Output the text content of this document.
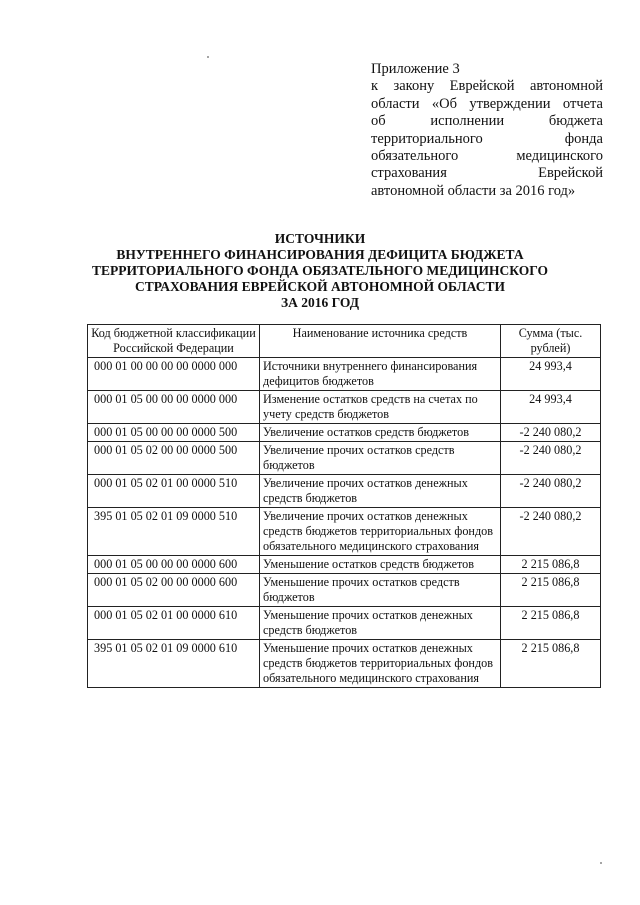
Приложение 3
к закону Еврейской автономной
области «Об утверждении отчета
об исполнении бюджета
территориального фонда
обязательного медицинского
страхования Еврейской
автономной области за 2016 год»
ИСТОЧНИКИ
ВНУТРЕННЕГО ФИНАНСИРОВАНИЯ ДЕФИЦИТА БЮДЖЕТА
ТЕРРИТОРИАЛЬНОГО ФОНДА ОБЯЗАТЕЛЬНОГО МЕДИЦИНСКОГО
СТРАХОВАНИЯ ЕВРЕЙСКОЙ АВТОНОМНОЙ ОБЛАСТИ
ЗА 2016 ГОД
Код бюджетной классификации Российской Федерации	Наименование источника средств	Сумма (тыс. рублей)
000 01 00 00 00 00 0000 000	Источники внутреннего финансирования дефицитов бюджетов	24 993,4
000 01 05 00 00 00 0000 000	Изменение остатков средств на счетах по учету средств бюджетов	24 993,4
000 01 05 00 00 00 0000 500	Увеличение остатков средств бюджетов	-2 240 080,2
000 01 05 02 00 00 0000 500	Увеличение прочих остатков средств бюджетов	-2 240 080,2
000 01 05 02 01 00 0000 510	Увеличение прочих остатков денежных средств бюджетов	-2 240 080,2
395 01 05 02 01 09 0000 510	Увеличение прочих остатков денежных средств бюджетов территориальных фондов обязательного медицинского страхования	-2 240 080,2
000 01 05 00 00 00 0000 600	Уменьшение остатков средств бюджетов	2 215 086,8
000 01 05 02 00 00 0000 600	Уменьшение прочих остатков средств бюджетов	2 215 086,8
000 01 05 02 01 00 0000 610	Уменьшение прочих остатков денежных средств бюджетов	2 215 086,8
395 01 05 02 01 09 0000 610	Уменьшение прочих остатков денежных средств бюджетов территориальных фондов обязательного медицинского страхования	2 215 086,8
